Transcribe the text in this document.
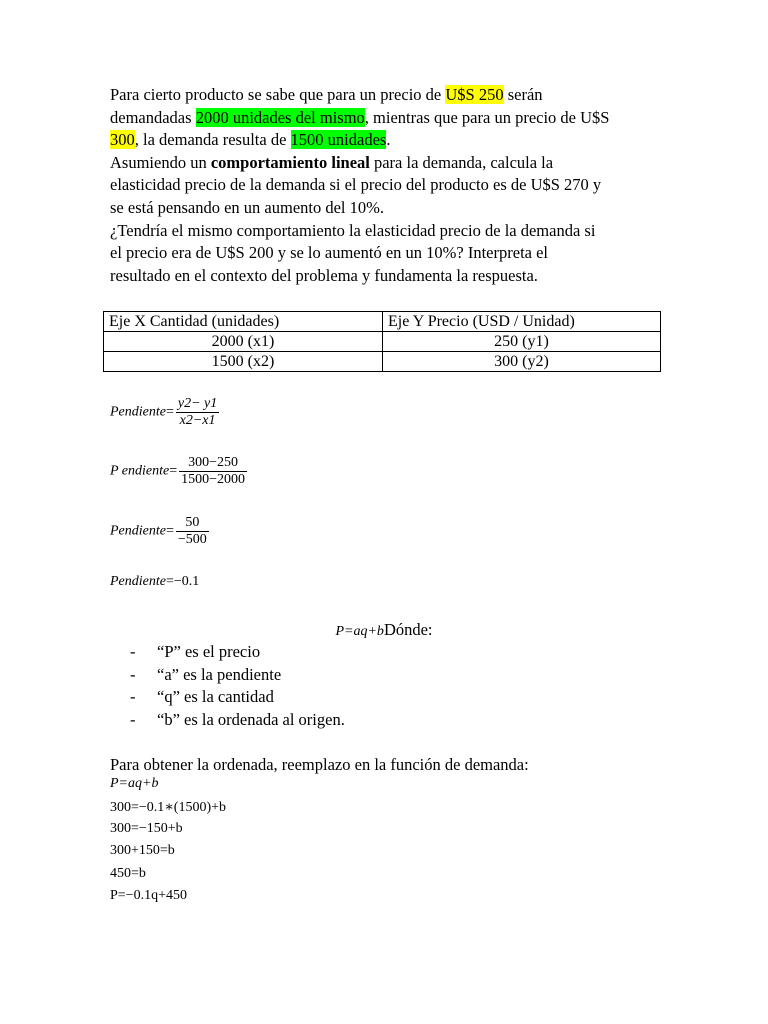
Para cierto producto se sabe que para un precio de U$S 250 serán
demandadas 2000 unidades del mismo, mientras que para un precio de U$S
300, la demanda resulta de 1500 unidades.
Asumiendo un comportamiento lineal para la demanda, calcula la
elasticidad precio de la demanda si el precio del producto es de U$S 270 y
se está pensando en un aumento del 10%.
¿Tendría el mismo comportamiento la elasticidad precio de la demanda si
el precio era de U$S 200 y se lo aumentó en un 10%? Interpreta el
resultado en el contexto del problema y fundamenta la respuesta.
Eje X Cantidad (unidades)	Eje Y Precio (USD / Unidad)
2000 (x1)	250 (y1)
1500 (x2)	300 (y2)
Pendiente= $\frac{y2- y1}{x2-x1}$
P endiente= $\frac{300-250}{1500-2000}$
Pendiente= $\frac{50}{-500}$
Pendiente=−0.1
P=aq+bDónde:
- “P” es el precio
- “a” es la pendiente
- “q” es la cantidad
- “b” es la ordenada al origen.
Para obtener la ordenada, reemplazo en la función de demanda:
P=aq+b
300=−0.1∗(1500)+b
300=−150+b
300+150=b
450=b
P=−0.1q+450
